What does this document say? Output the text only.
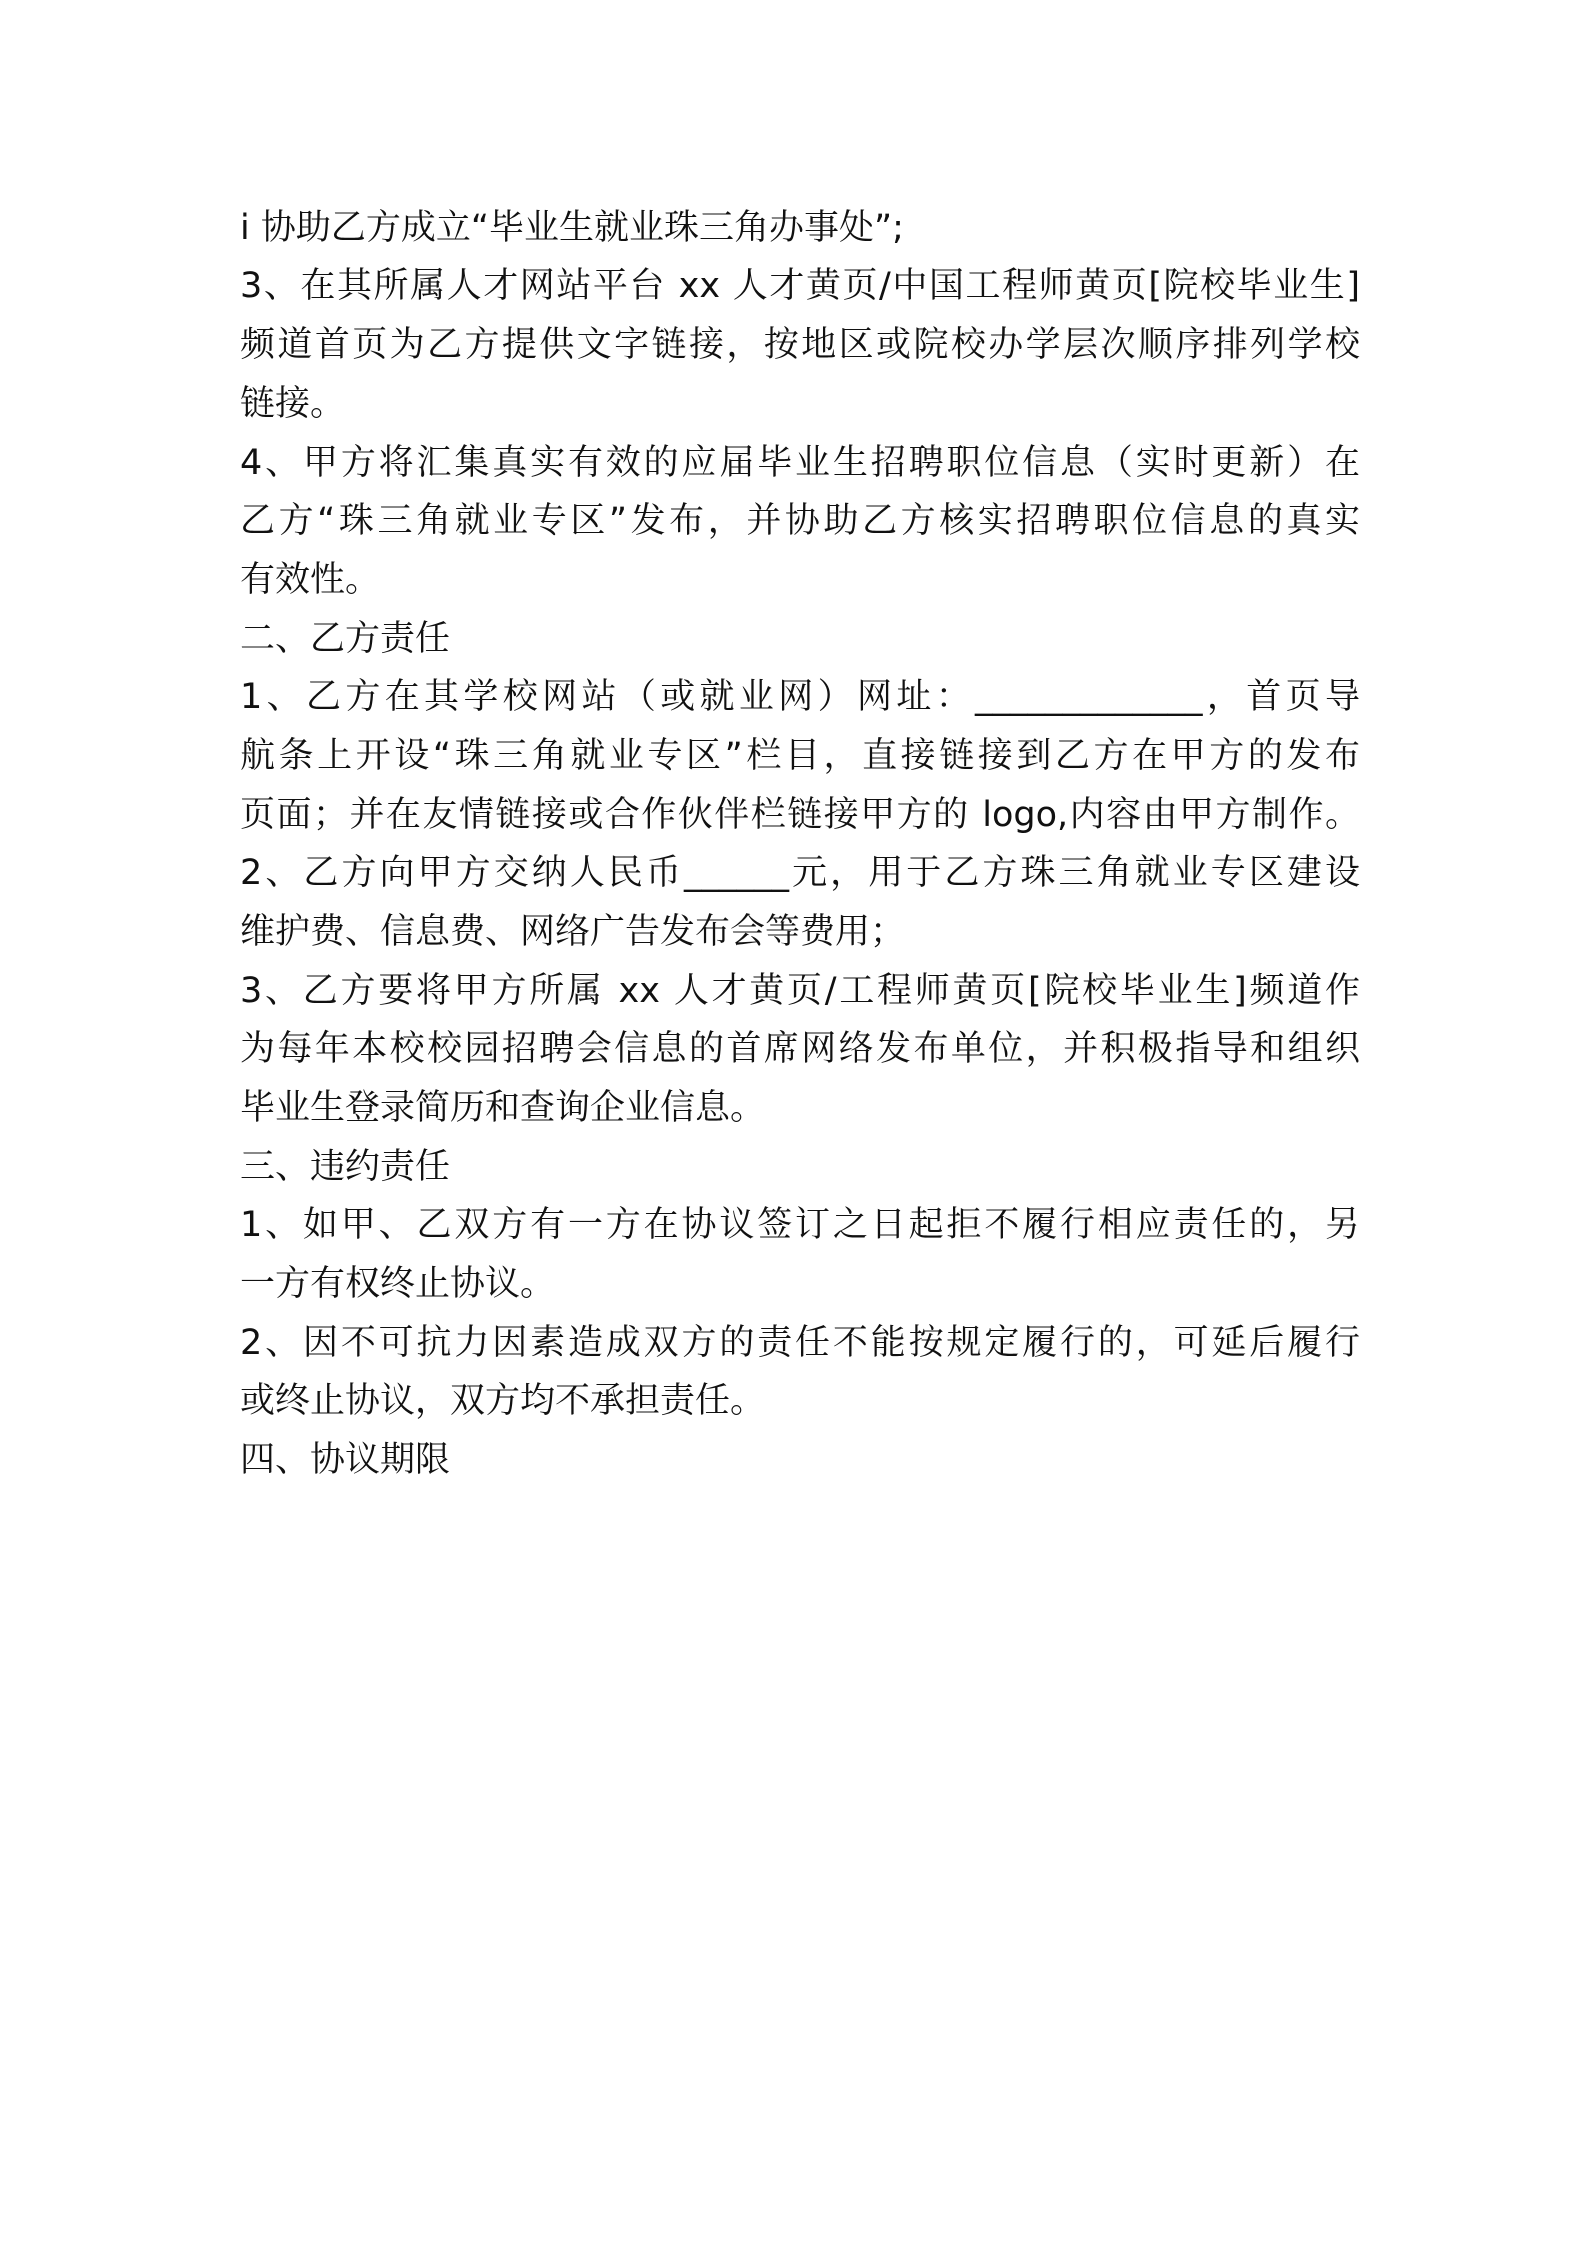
i 协助乙方成立“毕业生就业珠三角办事处”;
3、在其所属人才网站平台 xx 人才黄页/中国工程师黄页[院校毕业生]
频道首页为乙方提供文字链接，按地区或院校办学层次顺序排列学校
链接。
4、甲方将汇集真实有效的应届毕业生招聘职位信息（实时更新）在
乙方“珠三角就业专区”发布，并协助乙方核实招聘职位信息的真实
有效性。
二、乙方责任
1、乙方在其学校网站（或就业网）网址：_____________，首页导
航条上开设“珠三角就业专区”栏目，直接链接到乙方在甲方的发布
页面；并在友情链接或合作伙伴栏链接甲方的 logo,内容由甲方制作。
2、乙方向甲方交纳人民币______元，用于乙方珠三角就业专区建设
维护费、信息费、网络广告发布会等费用；
3、乙方要将甲方所属 xx 人才黄页/工程师黄页[院校毕业生]频道作
为每年本校校园招聘会信息的首席网络发布单位，并积极指导和组织
毕业生登录简历和查询企业信息。
三、违约责任
1、如甲、乙双方有一方在协议签订之日起拒不履行相应责任的，另
一方有权终止协议。
2、因不可抗力因素造成双方的责任不能按规定履行的，可延后履行
或终止协议，双方均不承担责任。
四、协议期限
